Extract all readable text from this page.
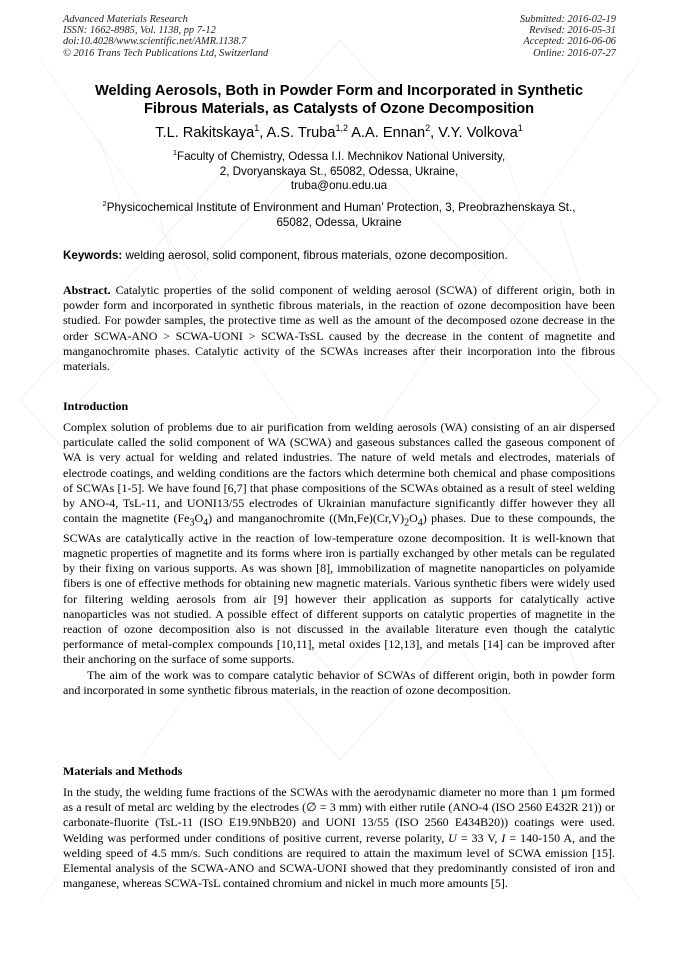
Advanced Materials Research
ISSN: 1662-8985, Vol. 1138, pp 7-12
doi:10.4028/www.scientific.net/AMR.1138.7
© 2016 Trans Tech Publications Ltd, Switzerland
Submitted: 2016-02-19
Revised: 2016-05-31
Accepted: 2016-06-06
Online: 2016-07-27
Welding Aerosols, Both in Powder Form and Incorporated in Synthetic
Fibrous Materials, as Catalysts of Ozone Decomposition
T.L. Rakitskaya$^1$, A.S. Truba$^{1,2}$ A.A. Ennan$^2$, V.Y. Volkova$^1$
$^1$Faculty of Chemistry, Odessa I.I. Mechnikov National University,
2, Dvoryanskaya St., 65082, Odessa, Ukraine,
truba@onu.edu.ua
$^2$Physicochemical Institute of Environment and Human’ Protection, 3, Preobrazhenskaya St.,
65082, Odessa, Ukraine
Keywords: welding aerosol, solid component, fibrous materials, ozone decomposition.

Abstract. Catalytic properties of the solid component of welding aerosol (SCWA) of different origin, both in powder form and incorporated in synthetic fibrous materials, in the reaction of ozone decomposition have been studied. For powder samples, the protective time as well as the amount of the decomposed ozone decrease in the order SCWA-ANO > SCWA-UONI > SCWA-TsSL caused by the decrease in the content of magnetite and manganochromite phases. Catalytic activity of the SCWAs increases after their incorporation into the fibrous materials.

Introduction

Complex solution of problems due to air purification from welding aerosols (WA) consisting of an air dispersed particulate called the solid component of WA (SCWA) and gaseous substances called the gaseous component of WA is very actual for welding and related industries. The nature of weld metals and electrodes, materials of electrode coatings, and welding conditions are the factors which determine both chemical and phase compositions of SCWAs [1-5]. We have found [6,7] that phase compositions of the SCWAs obtained as a result of steel welding by ANO-4, TsL-11, and UONI13/55 electrodes of Ukrainian manufacture significantly differ however they all contain the magnetite $(Fe_3O_4)$ and manganochromite $((Mn,Fe)(Cr,V)_2O_4)$ phases. Due to these compounds, the SCWAs are catalytically active in the reaction of low-temperature ozone decomposition. It is well-known that magnetic properties of magnetite and its forms where iron is partially exchanged by other metals can be regulated by their fixing on various supports. As was shown [8], immobilization of magnetite nanoparticles on polyamide fibers is one of effective methods for obtaining new magnetic materials. Various synthetic fibers were widely used for filtering welding aerosols from air [9] however their application as supports for catalytically active nanoparticles was not studied. A possible effect of different supports on catalytic properties of magnetite in the reaction of ozone decomposition also is not discussed in the available literature even though the catalytic performance of metal-complex compounds [10,11], metal oxides [12,13], and metals [14] can be improved after their anchoring on the surface of some supports.

The aim of the work was to compare catalytic behavior of SCWAs of different origin, both in powder form and incorporated in some synthetic fibrous materials, in the reaction of ozone decomposition.

Materials and Methods

In the study, the welding fume fractions of the SCWAs with the aerodynamic diameter no more than 1 µm formed as a result of metal arc welding by the electrodes (∅ = 3 mm) with either rutile (ANO-4 (ISO 2560 E432R 21)) or carbonate-fluorite (TsL-11 (ISO E19.9NbB20) and UONI 13/55 (ISO 2560 E434B20)) coatings were used. Welding was performed under conditions of positive current, reverse polarity, U = 33 V, I = 140-150 A, and the welding speed of 4.5 mm/s. Such conditions are required to attain the maximum level of SCWA emission [15]. Elemental analysis of the SCWA-ANO and SCWA-UONI showed that they predominantly consisted of iron and manganese, whereas SCWA-TsL contained chromium and nickel in much more amounts [5].
